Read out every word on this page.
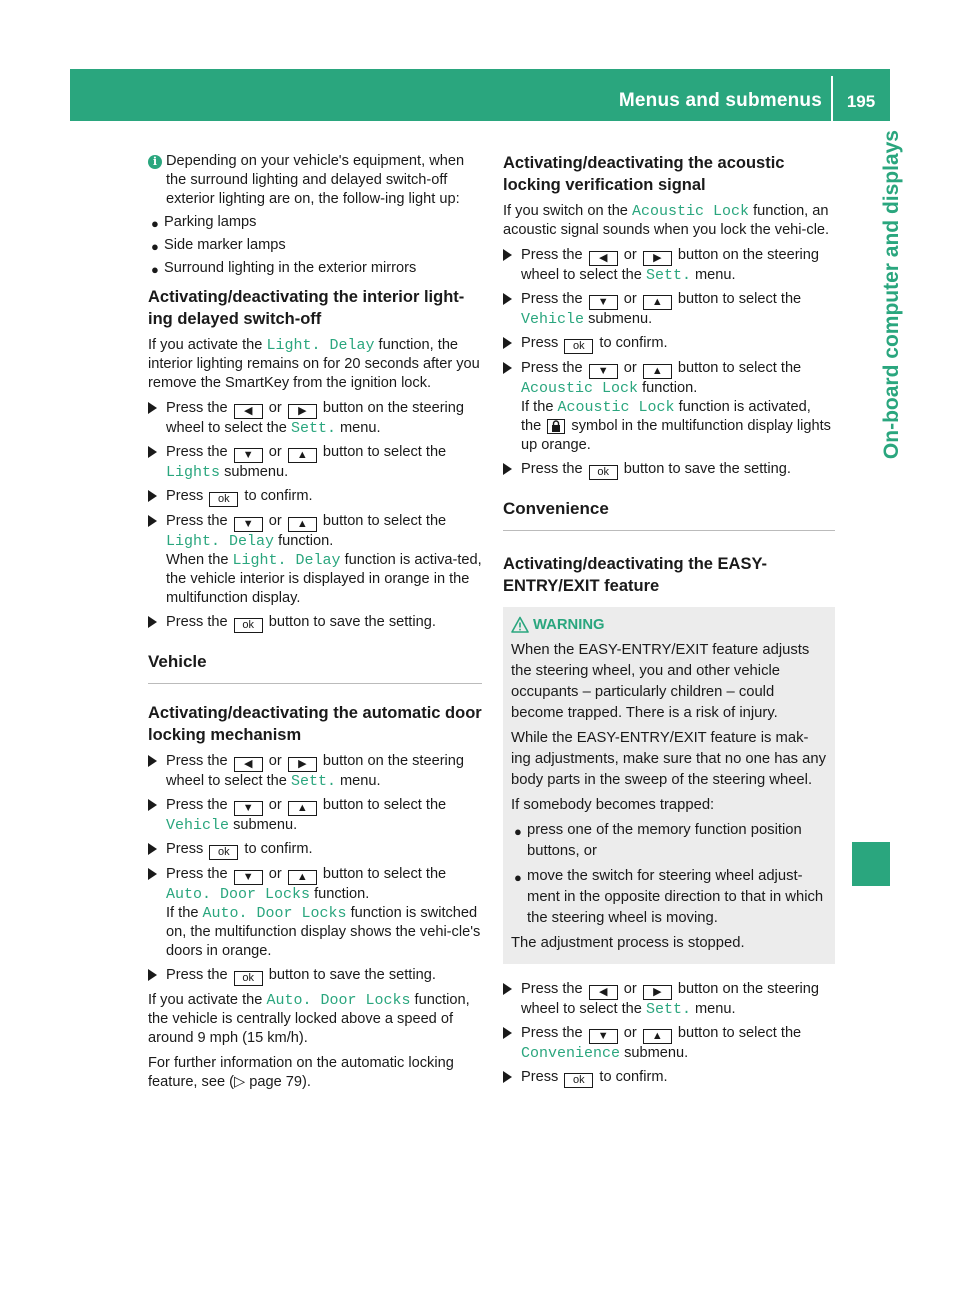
Menus and submenus	195
On-board computer and displays
i Depending on your vehicle's equipment, when the surround lighting and delayed switch-off exterior lighting are on, the follow-ing light up:
● Parking lamps
● Side marker lamps
● Surround lighting in the exterior mirrors
Activating/deactivating the interior light-ing delayed switch-off

If you activate the Light. Delay function, the interior lighting remains on for 20 seconds after you remove the SmartKey from the ignition lock.

Press the ◀ or ▶ button on the steering wheel to select the Sett. menu.
Press the ▼ or ▲ button to select the Lights submenu.
Press ok to confirm.
Press the ▼ or ▲ button to select the Light. Delay function.
When the Light. Delay function is activa-ted, the vehicle interior is displayed in orange in the multifunction display.
Press the ok button to save the setting.
Vehicle
Activating/deactivating the automatic door locking mechanism
Press the ◀ or ▶ button on the steering wheel to select the Sett. menu.
Press the ▼ or ▲ button to select the Vehicle submenu.
Press ok to confirm.
Press the ▼ or ▲ button to select the Auto. Door Locks function.
If the Auto. Door Locks function is switched on, the multifunction display shows the vehi-cle's doors in orange.
Press the ok button to save the setting.

If you activate the Auto. Door Locks function, the vehicle is centrally locked above a speed of around 9 mph (15 km/h).

For further information on the automatic locking feature, see (▷ page 79).

Activating/deactivating the acoustic locking verification signal

If you switch on the Acoustic Lock function, an acoustic signal sounds when you lock the vehi-cle.

Press the ◀ or ▶ button on the steering wheel to select the Sett. menu.
Press the ▼ or ▲ button to select the Vehicle submenu.
Press ok to confirm.
Press the ▼ or ▲ button to select the Acoustic Lock function.
If the Acoustic Lock function is activated, the  symbol in the multifunction display lights up orange.
Press the ok button to save the setting.
Convenience
Activating/deactivating the EASY-ENTRY/EXIT feature
WARNING

When the EASY-ENTRY/EXIT feature adjusts the steering wheel, you and other vehicle occupants – particularly children – could become trapped. There is a risk of injury.

While the EASY-ENTRY/EXIT feature is mak-ing adjustments, make sure that no one has any body parts in the sweep of the steering wheel.

If somebody becomes trapped:

● press one of the memory function position buttons, or
● move the switch for steering wheel adjust-ment in the opposite direction to that in which the steering wheel is moving.

The adjustment process is stopped.

Press the ◀ or ▶ button on the steering wheel to select the Sett. menu.
Press the ▼ or ▲ button to select the Convenience submenu.
Press ok to confirm.
